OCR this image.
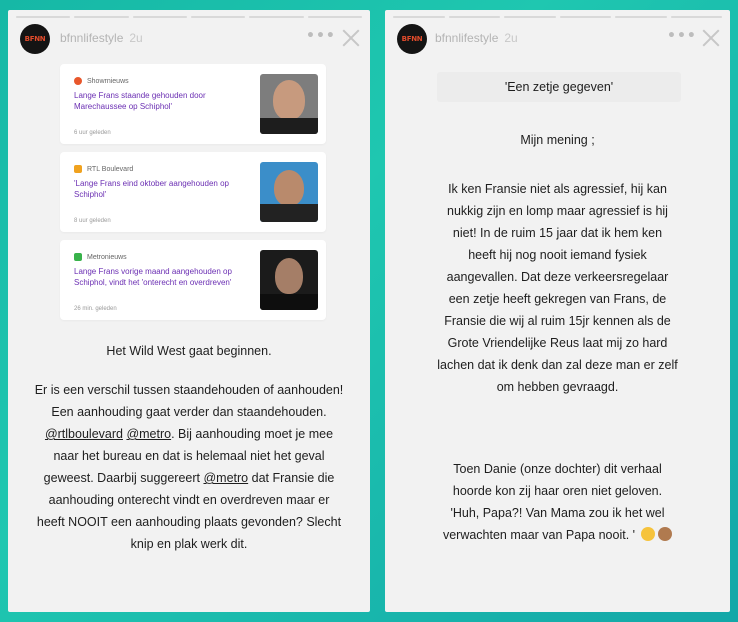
BFNN bfnnlifestyle 2u	•••
Showrnieuws
Lange Frans staande gehouden door Marechaussee op Schiphol'
6 uur geleden
RTL Boulevard
'Lange Frans eind oktober aangehouden op Schiphol'
8 uur geleden
Metronieuws
Lange Frans vorige maand aangehouden op Schiphol, vindt het 'onterecht en overdreven'
26 min. geleden
Het Wild West gaat beginnen.
Er is een verschil tussen staandehouden of aanhouden!
Een aanhouding gaat verder dan staandehouden.
@rtlboulevard @metro. Bij aanhouding moet je mee
naar het bureau en dat is helemaal niet het geval
geweest. Daarbij suggereert @metro dat Fransie die
aanhouding onterecht vindt en overdreven maar er
heeft NOOIT een aanhouding plaats gevonden? Slecht
knip en plak werk dit.
BFNN bfnnlifestyle 2u	•••
'Een zetje gegeven'
Mijn mening ;
Ik ken Fransie niet als agressief, hij kan
nukkig zijn en lomp maar agressief is hij
niet! In de ruim 15 jaar dat ik hem ken
heeft hij nog nooit iemand fysiek
aangevallen. Dat deze verkeersregelaar
een zetje heeft gekregen van Frans, de
Fransie die wij al ruim 15jr kennen als de
Grote Vriendelijke Reus laat mij zo hard
lachen dat ik denk dan zal deze man er zelf
om hebben gevraagd.
Toen Danie (onze dochter) dit verhaal
hoorde kon zij haar oren niet geloven.
'Huh, Papa?! Van Mama zou ik het wel
verwachten maar van Papa nooit. '
